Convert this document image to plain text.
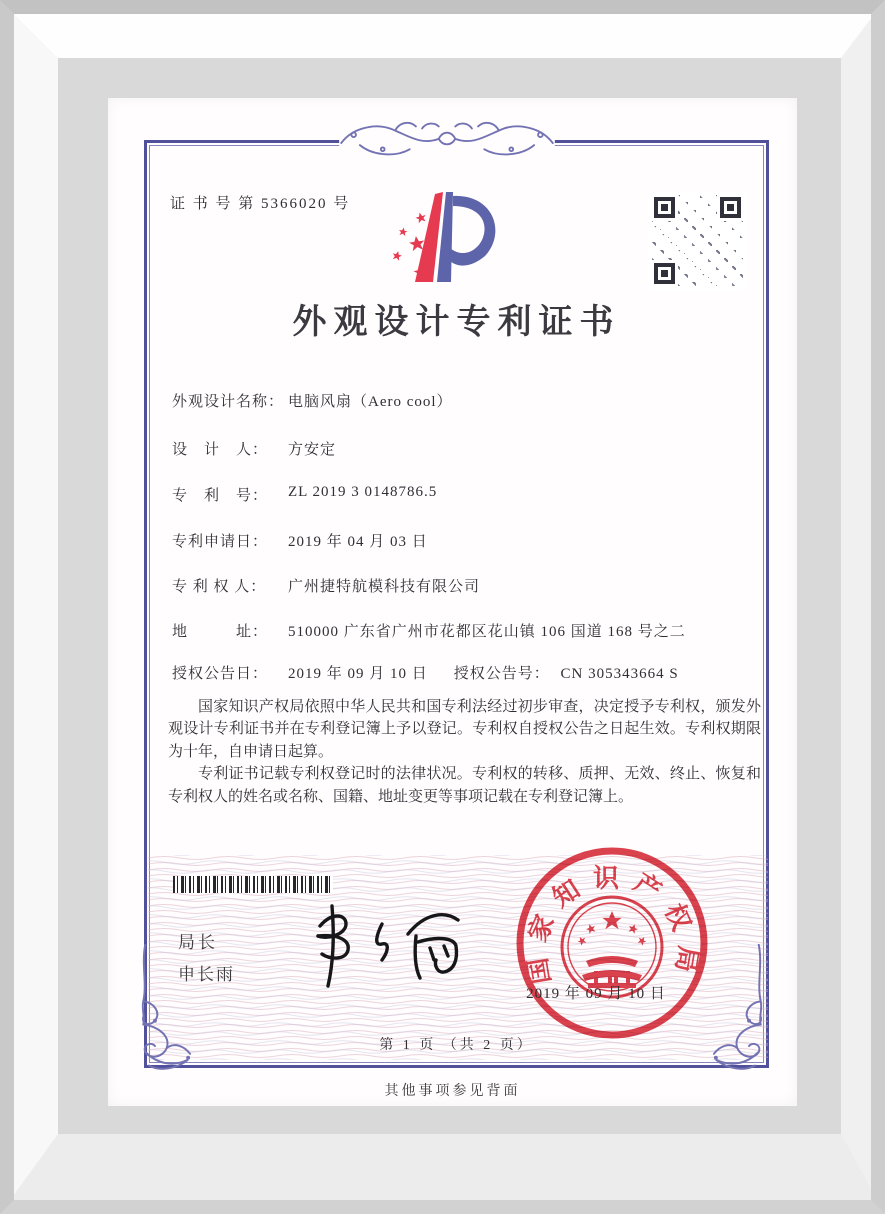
证 书 号 第 5366020 号
外观设计专利证书
外观设计名称： 电脑风扇（Aero cool）
设　计　人：	方安定
专　利　号：	ZL 2019 3 0148786.5
专利申请日：	2019 年 04 月 03 日
专 利 权 人：	广州捷特航模科技有限公司
地　　　址：	510000 广东省广州市花都区花山镇 106 国道 168 号之二
授权公告日：	2019 年 09 月 10 日 授权公告号： CN 305343664 S

国家知识产权局依照中华人民共和国专利法经过初步审查，决定授予专利权，颁发外观设计专利证书并在专利登记簿上予以登记。专利权自授权公告之日起生效。专利权期限为十年，自申请日起算。

专利证书记载专利权登记时的法律状况。专利权的转移、质押、无效、终止、恢复和专利权人的姓名或名称、国籍、地址变更等事项记载在专利登记簿上。

局长
申长雨	国家知识产权局
2019 年 09 月 10 日
第 1 页 （共 2 页）
其他事项参见背面
